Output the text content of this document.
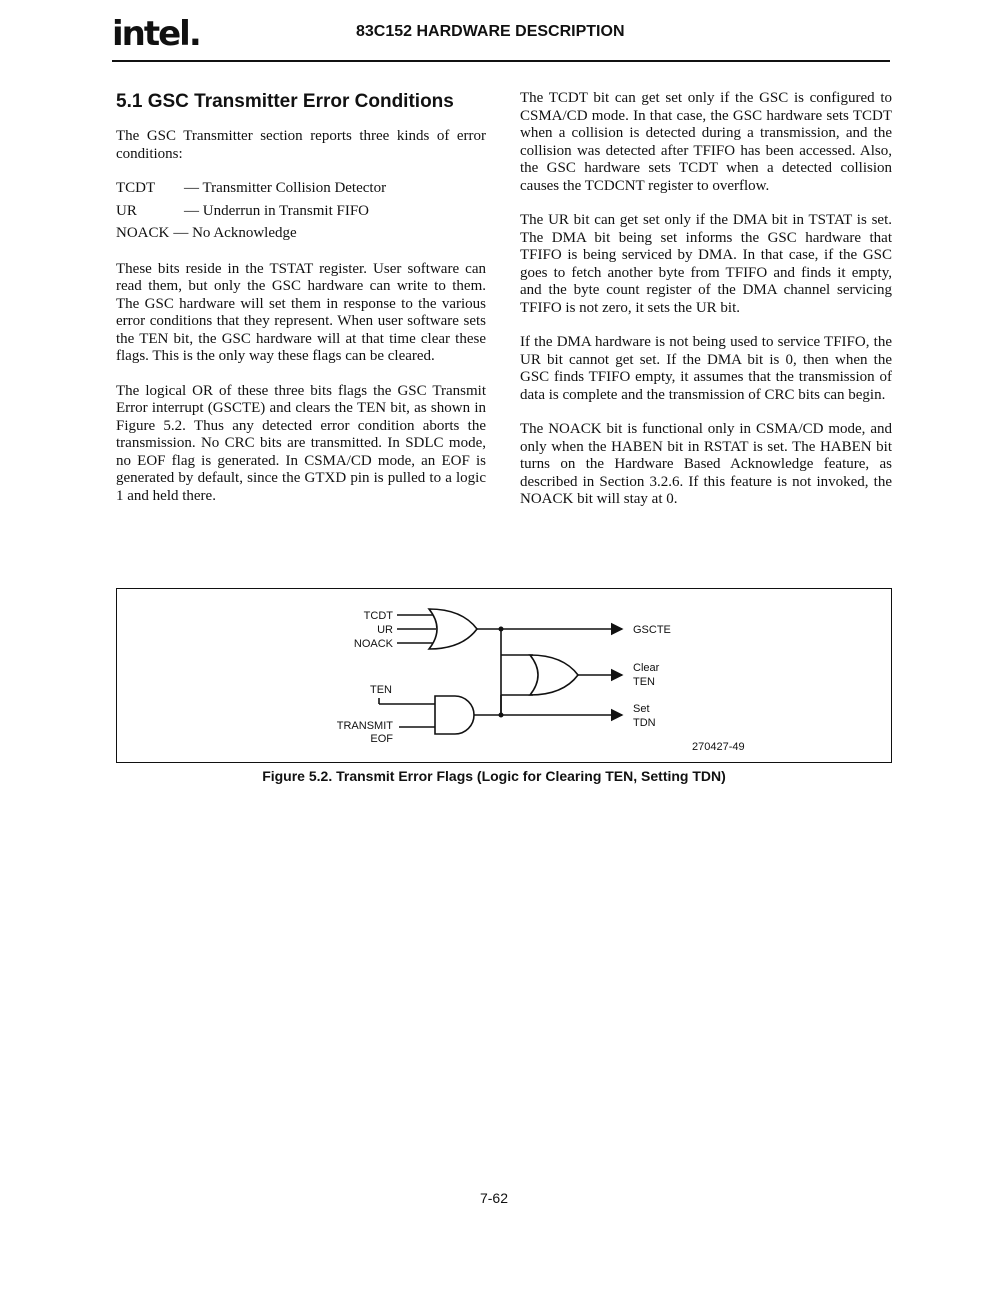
intel.	83C152 HARDWARE DESCRIPTION
5.1 GSC Transmitter Error Conditions

The GSC Transmitter section reports three kinds of error conditions:

TCDT	— Transmitter Collision Detector
UR	— Underrun in Transmit FIFO
NOACK — No Acknowledge

These bits reside in the TSTAT register. User software can read them, but only the GSC hardware can write to them. The GSC hardware will set them in response to the various error conditions that they represent. When user software sets the TEN bit, the GSC hardware will at that time clear these flags. This is the only way these flags can be cleared.

The logical OR of these three bits flags the GSC Transmit Error interrupt (GSCTE) and clears the TEN bit, as shown in Figure 5.2. Thus any detected error condition aborts the transmission. No CRC bits are transmitted. In SDLC mode, no EOF flag is generated. In CSMA/CD mode, an EOF is generated by default, since the GTXD pin is pulled to a logic 1 and held there.

The TCDT bit can get set only if the GSC is configured to CSMA/CD mode. In that case, the GSC hardware sets TCDT when a collision is detected during a transmission, and the collision was detected after TFIFO has been accessed. Also, the GSC hardware sets TCDT when a detected collision causes the TCDCNT register to overflow.

The UR bit can get set only if the DMA bit in TSTAT is set. The DMA bit being set informs the GSC hardware that TFIFO is being serviced by DMA. In that case, if the GSC goes to fetch another byte from TFIFO and finds it empty, and the byte count register of the DMA channel servicing TFIFO is not zero, it sets the UR bit.

If the DMA hardware is not being used to service TFIFO, the UR bit cannot get set. If the DMA bit is 0, then when the GSC finds TFIFO empty, it assumes that the transmission of data is complete and the transmission of CRC bits can begin.

The NOACK bit is functional only in CSMA/CD mode, and only when the HABEN bit in RSTAT is set. The HABEN bit turns on the Hardware Based Acknowledge feature, as described in Section 3.2.6. If this feature is not invoked, the NOACK bit will stay at 0.

TCDT
UR
NOACK
TEN
TRANSMIT
EOF
GSCTE
Clear
TEN
Set
TDN
270427-49
Figure 5.2. Transmit Error Flags (Logic for Clearing TEN, Setting TDN)
7-62
